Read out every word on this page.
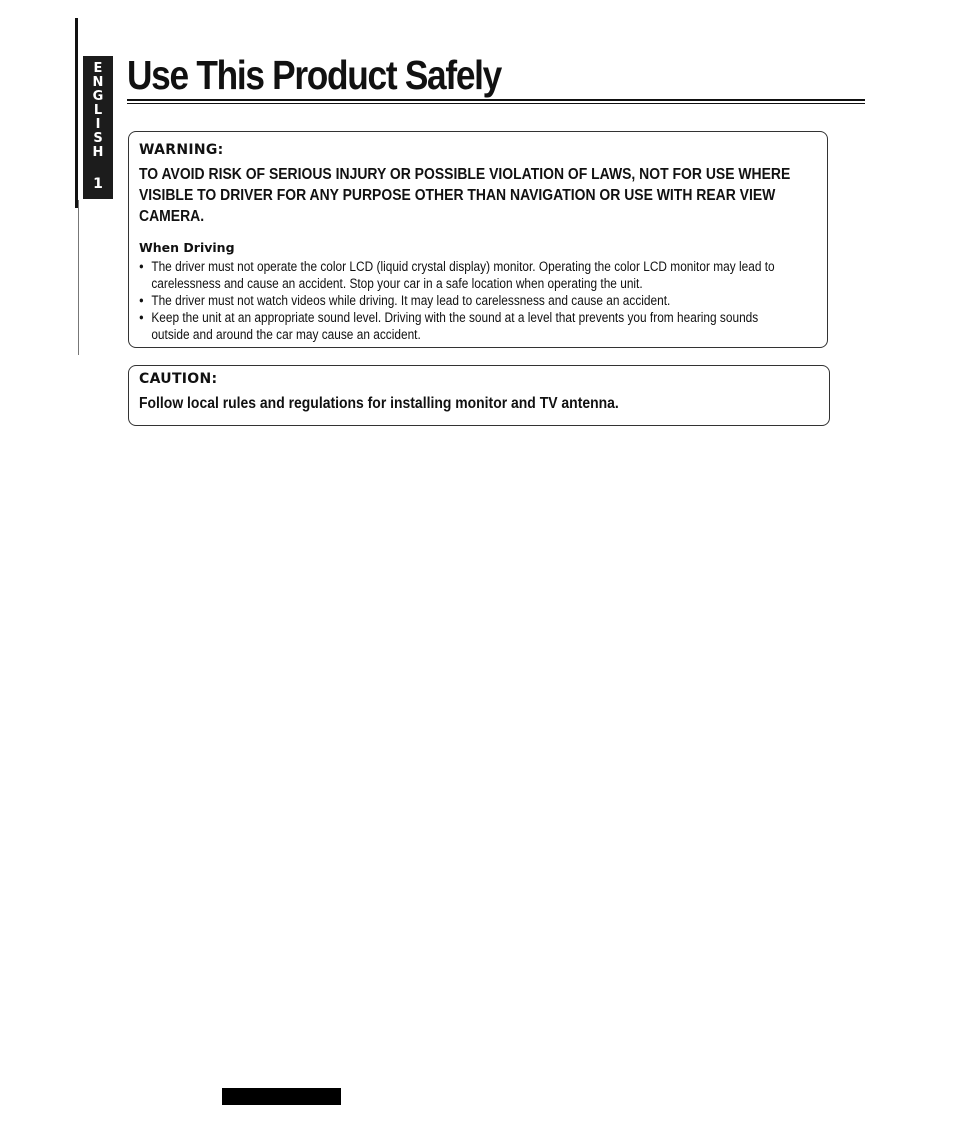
E
N
G
L
I
S
H
1
Use This Product Safely
WARNING:

TO AVOID RISK OF SERIOUS INJURY OR POSSIBLE VIOLATION OF LAWS, NOT FOR USE WHERE VISIBLE TO DRIVER FOR ANY PURPOSE OTHER THAN NAVIGATION OR USE WITH REAR VIEW CAMERA.

When Driving
● The driver must not operate the color LCD (liquid crystal display) monitor. Operating the color LCD monitor may lead to carelessness and cause an accident. Stop your car in a safe location when operating the unit.
● The driver must not watch videos while driving. It may lead to carelessness and cause an accident.
● Keep the unit at an appropriate sound level. Driving with the sound at a level that prevents you from hearing sounds outside and around the car may cause an accident.
CAUTION:

Follow local rules and regulations for installing monitor and TV antenna.
